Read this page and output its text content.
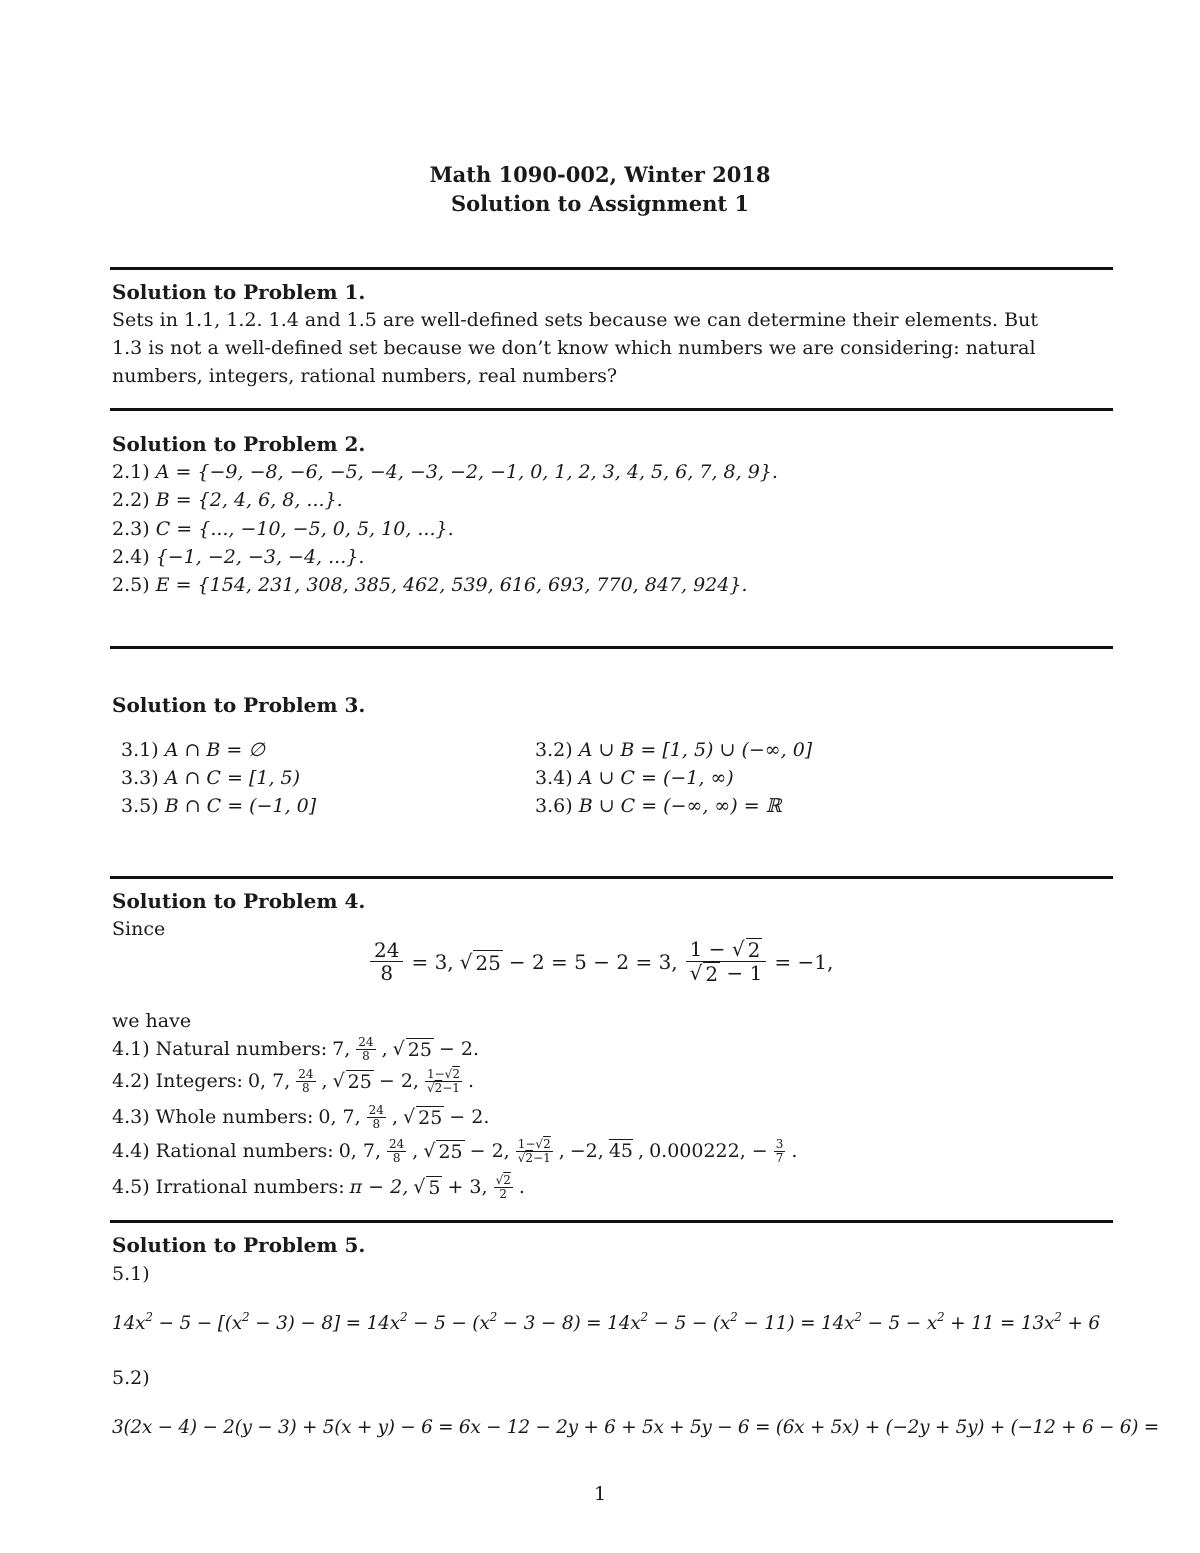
Math 1090-002, Winter 2018
Solution to Assignment 1
Solution to Problem 1.
Sets in 1.1, 1.2. 1.4 and 1.5 are well-defined sets because we can determine their elements. But
1.3 is not a well-defined set because we don’t know which numbers we are considering: natural
numbers, integers, rational numbers, real numbers?
Solution to Problem 2.
2.1) A = {−9, −8, −6, −5, −4, −3, −2, −1, 0, 1, 2, 3, 4, 5, 6, 7, 8, 9}.
2.2) B = {2, 4, 6, 8, ...}.
2.3) C = {..., −10, −5, 0, 5, 10, ...}.
2.4) {−1, −2, −3, −4, ...}.
2.5) E = {154, 231, 308, 385, 462, 539, 616, 693, 770, 847, 924}.
Solution to Problem 3.
3.1) A ∩ B = ∅	3.2) A ∪ B = [1, 5) ∪ (−∞, 0]
3.3) A ∩ C = [1, 5)	3.4) A ∪ C = (−1, ∞)
3.5) B ∩ C = (−1, 0]	3.6) B ∪ C = (−∞, ∞) = ℝ
Solution to Problem 4.
Since
$\frac{24}{8} = 3$, √ 25 − 2 = 5 − 2 = 3, $\frac{1 - √ 2}{√ 2 - 1} = -1$,
we have
4.1) Natural numbers: 7, 24
8 , √ 25 − 2.
4.2) Integers: 0, 7, 24
8 , √ 25 − 2, 1−√2
√2−1 .
4.3) Whole numbers: 0, 7, 24
8 , √ 25 − 2.
4.4) Rational numbers: 0, 7, 24
8 , √ 25 − 2, 1−√2
√2−1 , −2, 45 , 0.000222, − $\frac{3}{7}$ .
4.5) Irrational numbers: π − 2, √ 5 + 3, √2
2 .
Solution to Problem 5.
5.1)
$14x^2 - 5 - [(x^2 - 3) - 8] = 14x^2 - 5 - (x^2 - 3 - 8) = 14x^2 - 5 - (x^2 - 11) = 14x^2 - 5 - x^2 + 11 = 13x^2 + 6$
5.2)
3(2x − 4) − 2(y − 3) + 5(x + y) − 6 = 6x − 12 − 2y + 6 + 5x + 5y − 6 = (6x + 5x) + (−2y + 5y) + (−12 + 6 − 6) =
1
